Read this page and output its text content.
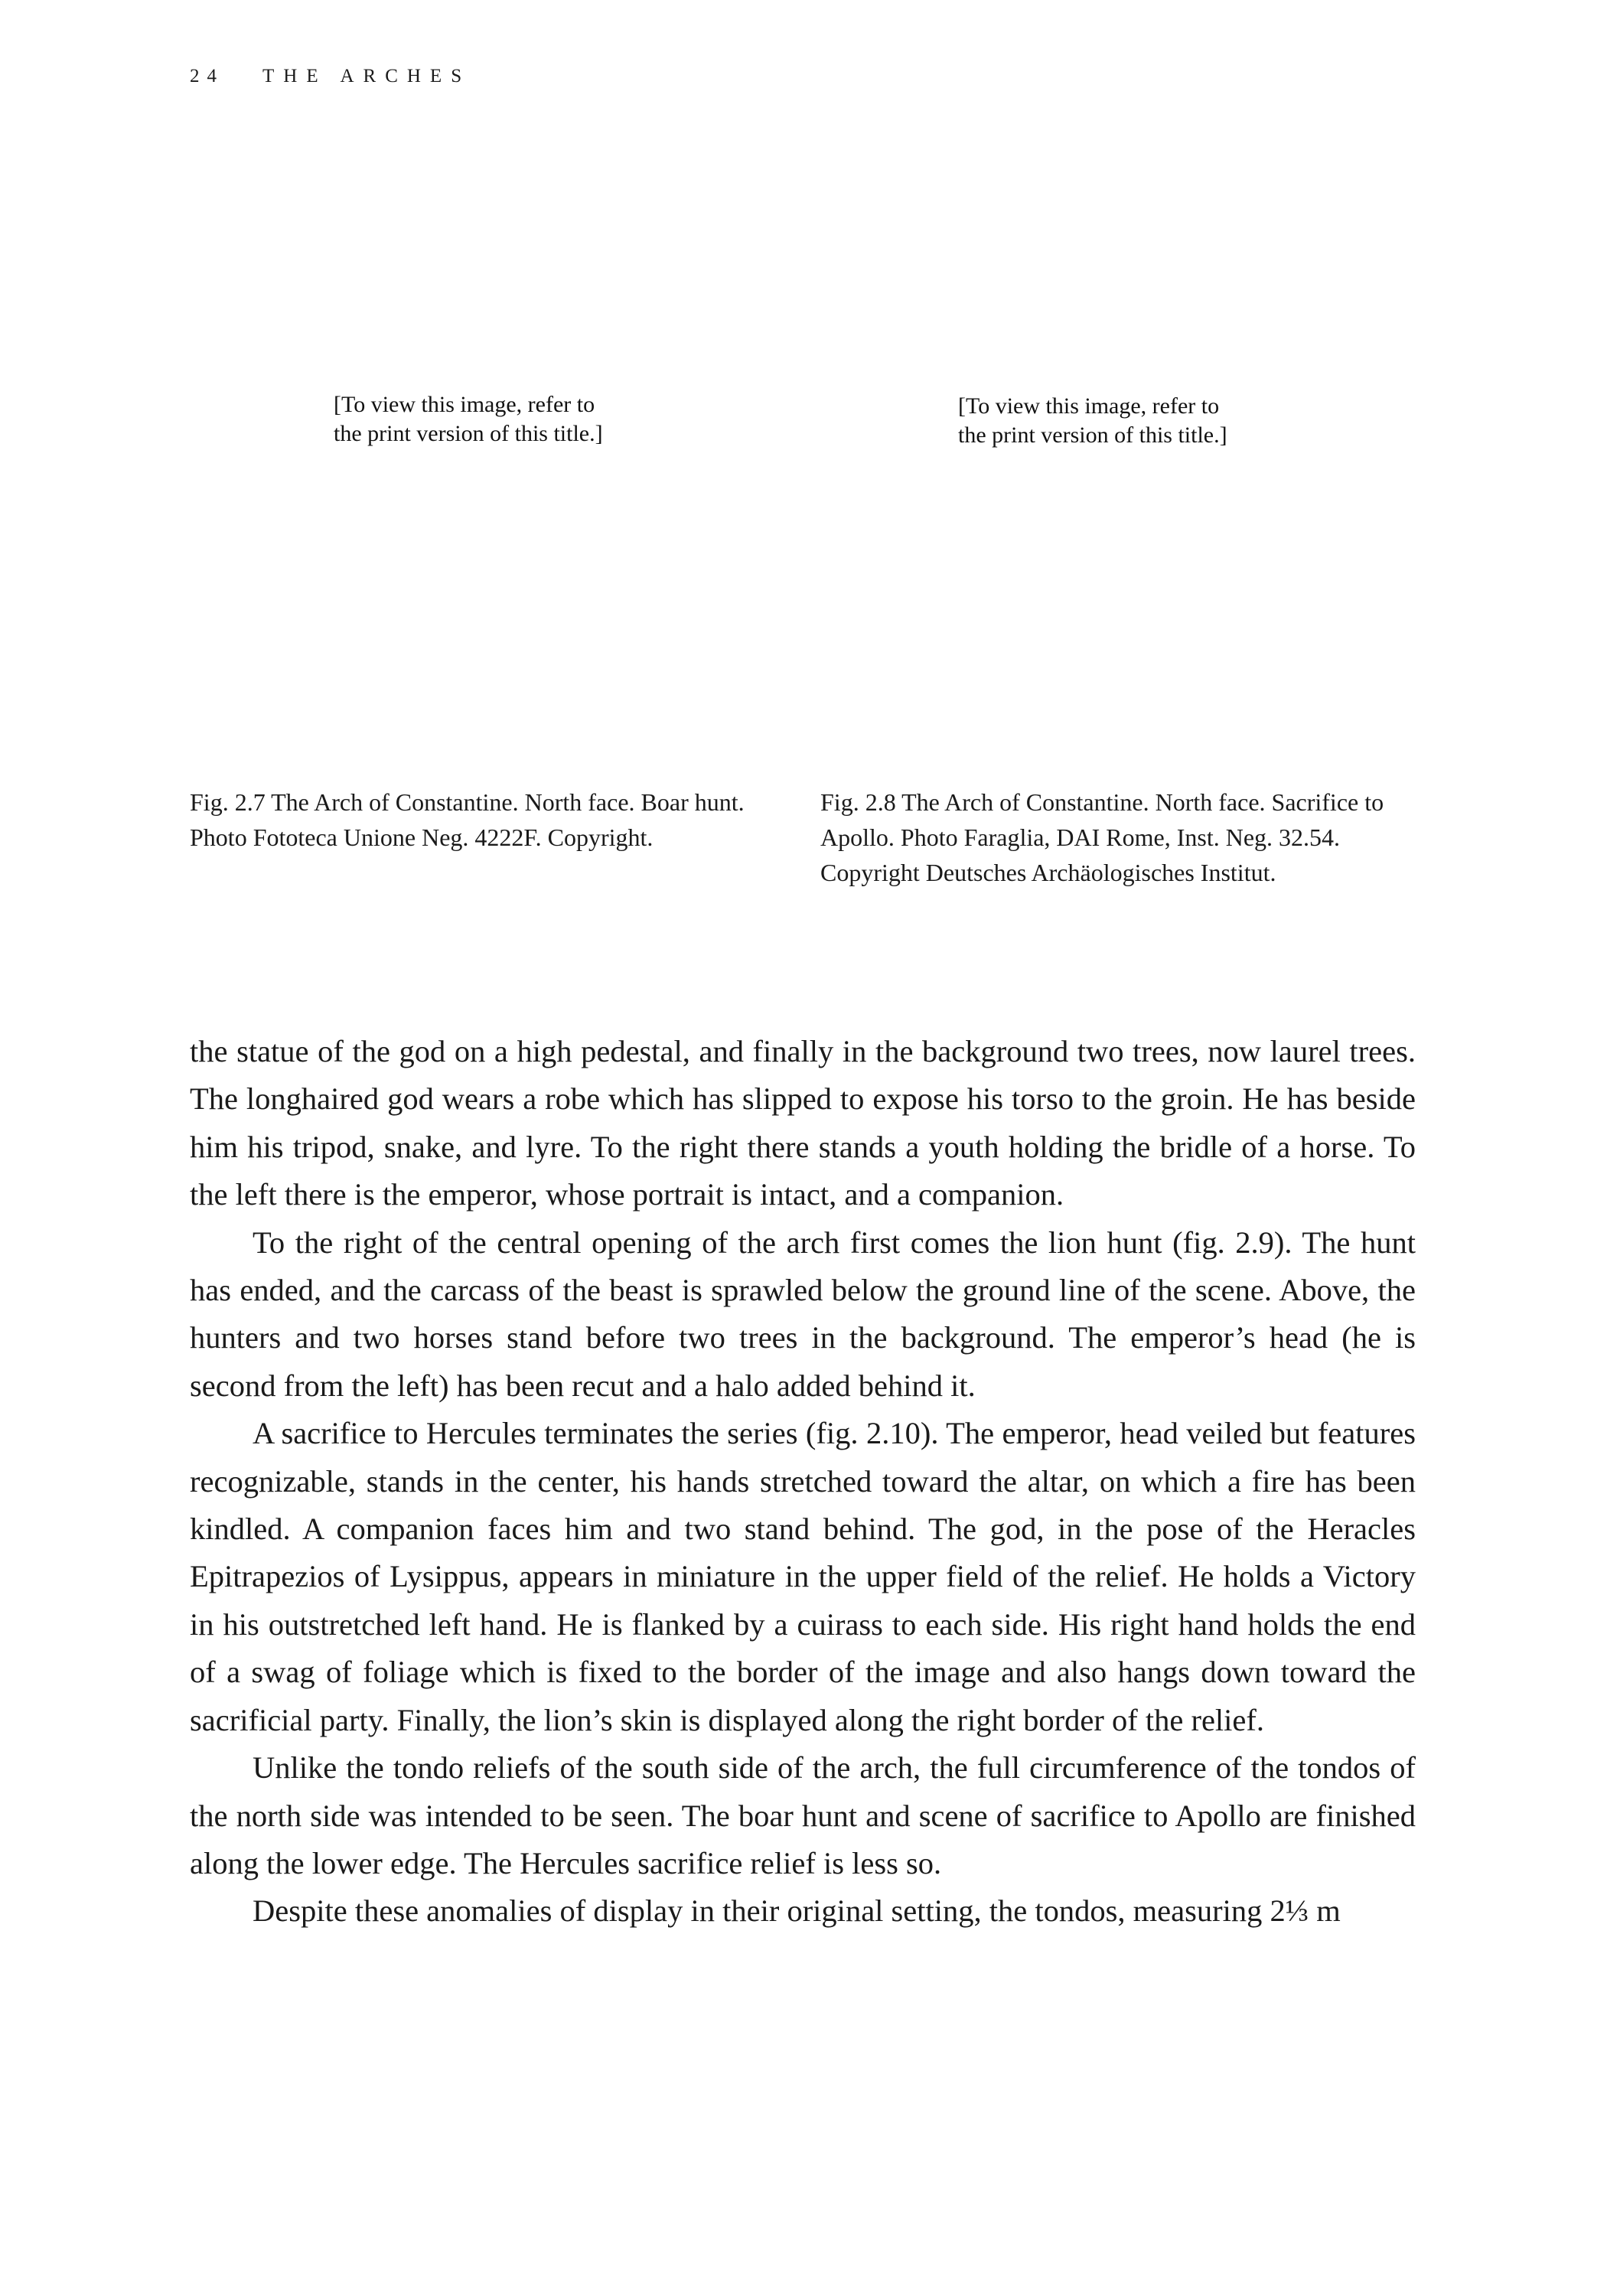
24 THE ARCHES
[To view this image, refer to
the print version of this title.]
[To view this image, refer to
the print version of this title.]
Fig. 2.7 The Arch of Constantine. North face. Boar hunt. Photo Fototeca Unione Neg. 4222F. Copyright.
Fig. 2.8 The Arch of Constantine. North face. Sacrifice to Apollo. Photo Faraglia, DAI Rome, Inst. Neg. 32.54. Copyright Deutsches Archäologisches Institut.

the statue of the god on a high pedestal, and finally in the background two trees, now laurel trees. The longhaired god wears a robe which has slipped to expose his torso to the groin. He has beside him his tripod, snake, and lyre. To the right there stands a youth holding the bridle of a horse. To the left there is the emperor, whose portrait is intact, and a companion.

To the right of the central opening of the arch first comes the lion hunt (fig. 2.9). The hunt has ended, and the carcass of the beast is sprawled below the ground line of the scene. Above, the hunters and two horses stand before two trees in the background. The emperor’s head (he is second from the left) has been recut and a halo added behind it.

A sacrifice to Hercules terminates the series (fig. 2.10). The emperor, head veiled but features recognizable, stands in the center, his hands stretched toward the altar, on which a fire has been kindled. A companion faces him and two stand behind. The god, in the pose of the Heracles Epitrapezios of Lysippus, appears in miniature in the upper field of the relief. He holds a Victory in his outstretched left hand. He is flanked by a cuirass to each side. His right hand holds the end of a swag of foliage which is fixed to the border of the image and also hangs down toward the sacrificial party. Finally, the lion’s skin is displayed along the right border of the relief.

Unlike the tondo reliefs of the south side of the arch, the full circumference of the tondos of the north side was intended to be seen. The boar hunt and scene of sacrifice to Apollo are finished along the lower edge. The Hercules sacrifice relief is less so.

Despite these anomalies of display in their original setting, the tondos, measuring 2⅓ m
